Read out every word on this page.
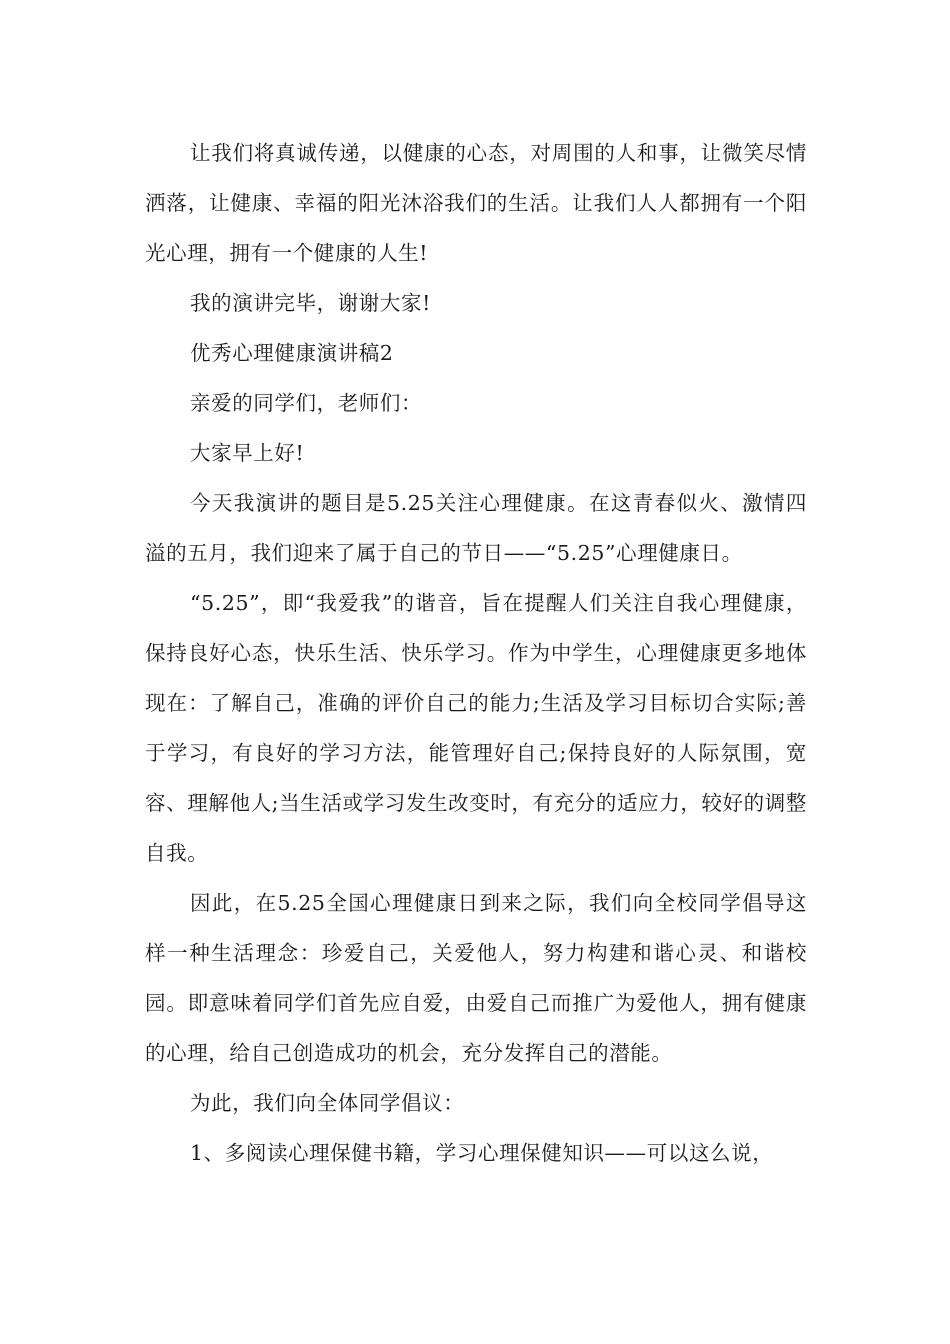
让我们将真诚传递，以健康的心态，对周围的人和事，让微笑尽情洒落，让健康、幸福的阳光沐浴我们的生活。让我们人人都拥有一个阳光心理，拥有一个健康的人生!

我的演讲完毕，谢谢大家!

优秀心理健康演讲稿2

亲爱的同学们，老师们：

大家早上好!

今天我演讲的题目是5.25关注心理健康。在这青春似火、激情四溢的五月，我们迎来了属于自己的节日——“5.25”心理健康日。

“5.25”，即“我爱我”的谐音，旨在提醒人们关注自我心理健康，保持良好心态，快乐生活、快乐学习。作为中学生，心理健康更多地体现在：了解自己，准确的评价自己的能力;生活及学习目标切合实际;善于学习，有良好的学习方法，能管理好自己;保持良好的人际氛围，宽容、理解他人;当生活或学习发生改变时，有充分的适应力，较好的调整自我。

因此，在5.25全国心理健康日到来之际，我们向全校同学倡导这样一种生活理念：珍爱自己，关爱他人，努力构建和谐心灵、和谐校园。即意味着同学们首先应自爱，由爱自己而推广为爱他人，拥有健康的心理，给自己创造成功的机会，充分发挥自己的潜能。

为此，我们向全体同学倡议：

1、多阅读心理保健书籍，学习心理保健知识——可以这么说，
